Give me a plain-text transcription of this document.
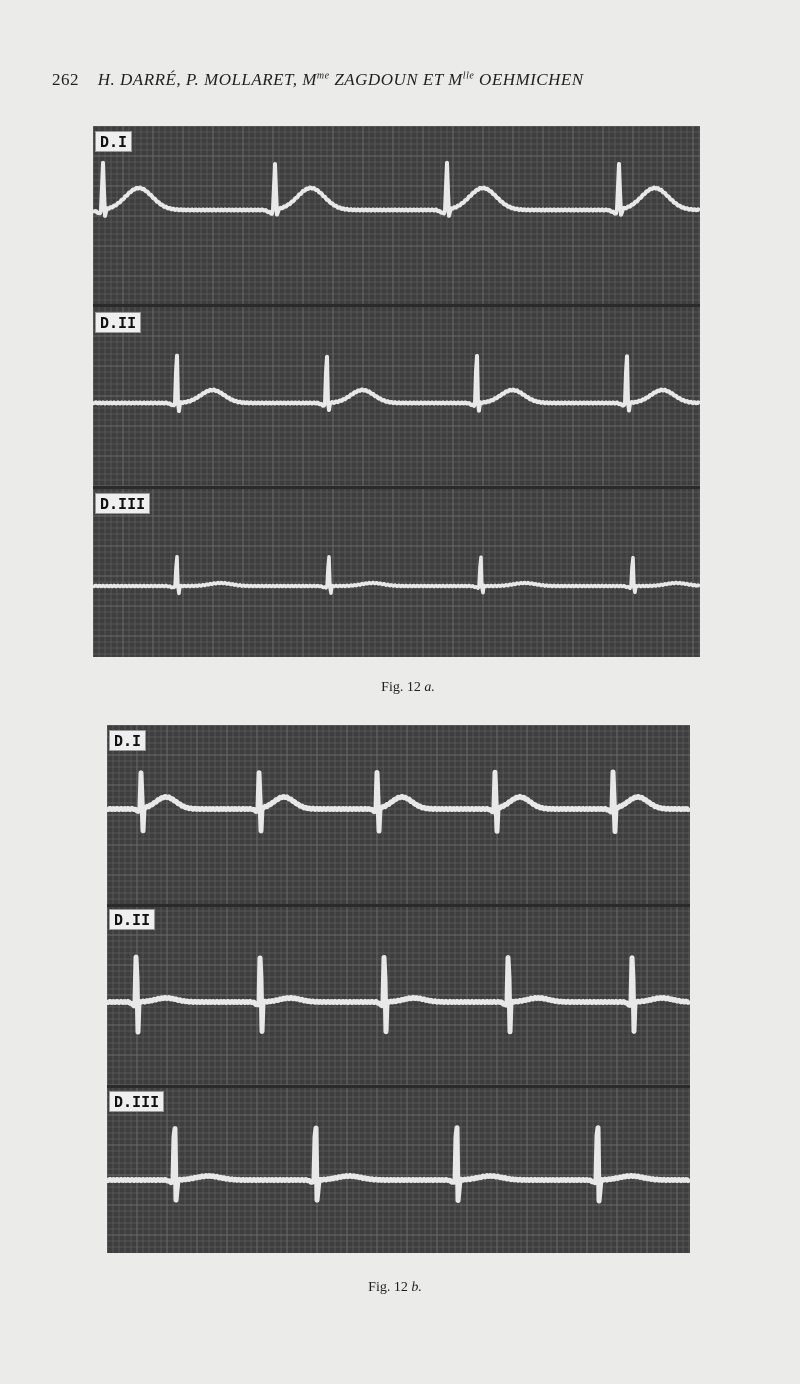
262 H. DARRÉ, P. MOLLARET, $M^{me}$ ZAGDOUN ET $M^{lle}$ OEHMICHEN
D.I
D.II
D.III
Fig. 12 a.
D.I
D.II
D.III
Fig. 12 b.
